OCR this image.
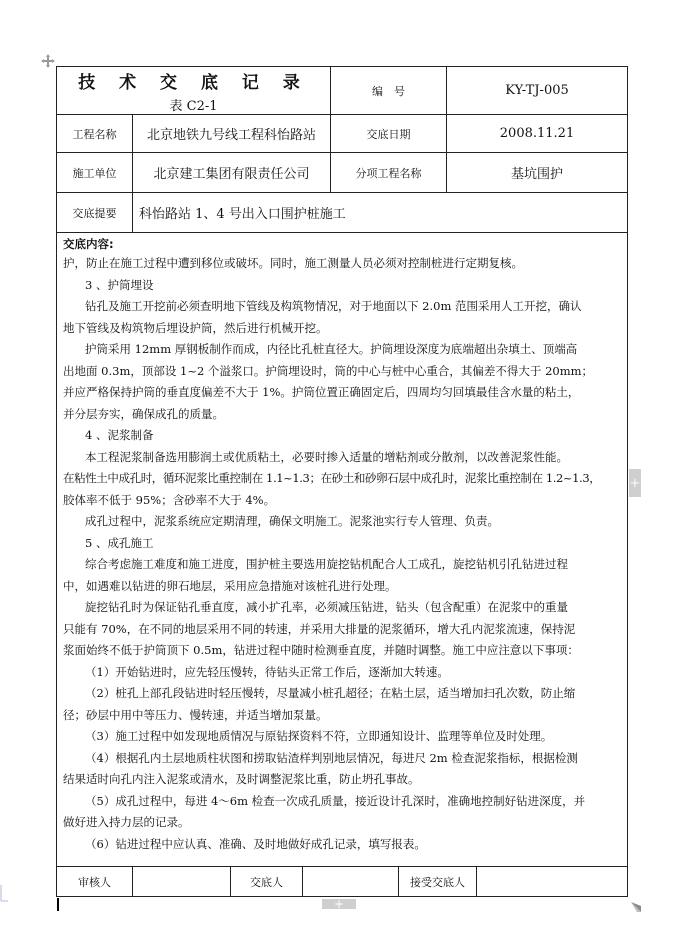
技 术 交 底 记 录
表 C2-1
编　号	KY-TJ-005
工程名称	北京地铁九号线工程科怡路站	交底日期	2008.11.21
施工单位	北京建工集团有限责任公司	分项工程名称	基坑围护
交底提要	科怡路站 1、4 号出入口围护桩施工

交底内容:

护，防止在施工过程中遭到移位或破坏。同时，施工测量人员必须对控制桩进行定期复核。

3 、护筒埋设

钻孔及施工开挖前必须查明地下管线及构筑物情况，对于地面以下 2.0m 范围采用人工开挖，确认

地下管线及构筑物后埋设护筒，然后进行机械开挖。

护筒采用 12mm 厚钢板制作而成，内径比孔桩直径大。护筒埋设深度为底端超出杂填土、顶端高

出地面 0.3m，顶部设 1~2 个溢浆口。护筒埋设时，筒的中心与桩中心重合，其偏差不得大于 20mm；

并应严格保持护筒的垂直度偏差不大于 1%。护筒位置正确固定后，四周均匀回填最佳含水量的粘土，

并分层夯实，确保成孔的质量。

4 、泥浆制备

本工程泥浆制备选用膨润土或优质粘土，必要时掺入适量的增粘剂或分散剂，以改善泥浆性能。

在粘性土中成孔时，循环泥浆比重控制在 1.1~1.3；在砂土和砂卵石层中成孔时，泥浆比重控制在 1.2~1.3，

胶体率不低于 95%；含砂率不大于 4%。

成孔过程中，泥浆系统应定期清理，确保文明施工。泥浆池实行专人管理、负责。

5 、成孔施工

综合考虑施工难度和施工进度，围护桩主要选用旋挖钻机配合人工成孔，旋挖钻机引孔钻进过程

中，如遇难以钻进的卵石地层，采用应急措施对该桩孔进行处理。

旋挖钻孔时为保证钻孔垂直度，减小扩孔率，必须减压钻进，钻头（包含配重）在泥浆中的重量

只能有 70%，在不同的地层采用不同的转速，并采用大排量的泥浆循环，增大孔内泥浆流速，保持泥

浆面始终不低于护筒顶下 0.5m，钻进过程中随时检测垂直度，并随时调整。施工中应注意以下事项：

（1）开始钻进时，应先轻压慢转，待钻头正常工作后，逐渐加大转速。

（2）桩孔上部孔段钻进时轻压慢转，尽量减小桩孔超径；在粘土层，适当增加扫孔次数，防止缩

径；砂层中用中等压力、慢转速，并适当增加泵量。

（3）施工过程中如发现地质情况与原钻探资料不符，立即通知设计、监理等单位及时处理。

（4）根据孔内土层地质柱状图和捞取钻渣样判别地层情况，每进尺 2m 检查泥浆指标，根据检测

结果适时向孔内注入泥浆或清水，及时调整泥浆比重，防止坍孔事故。

（5）成孔过程中，每进 4～6m 检查一次成孔质量，接近设计孔深时，准确地控制好钻进深度，并

做好进入持力层的记录。

（6）钻进过程中应认真、准确、及时地做好成孔记录，填写报表。

审核人	交底人	接受交底人
+
+
